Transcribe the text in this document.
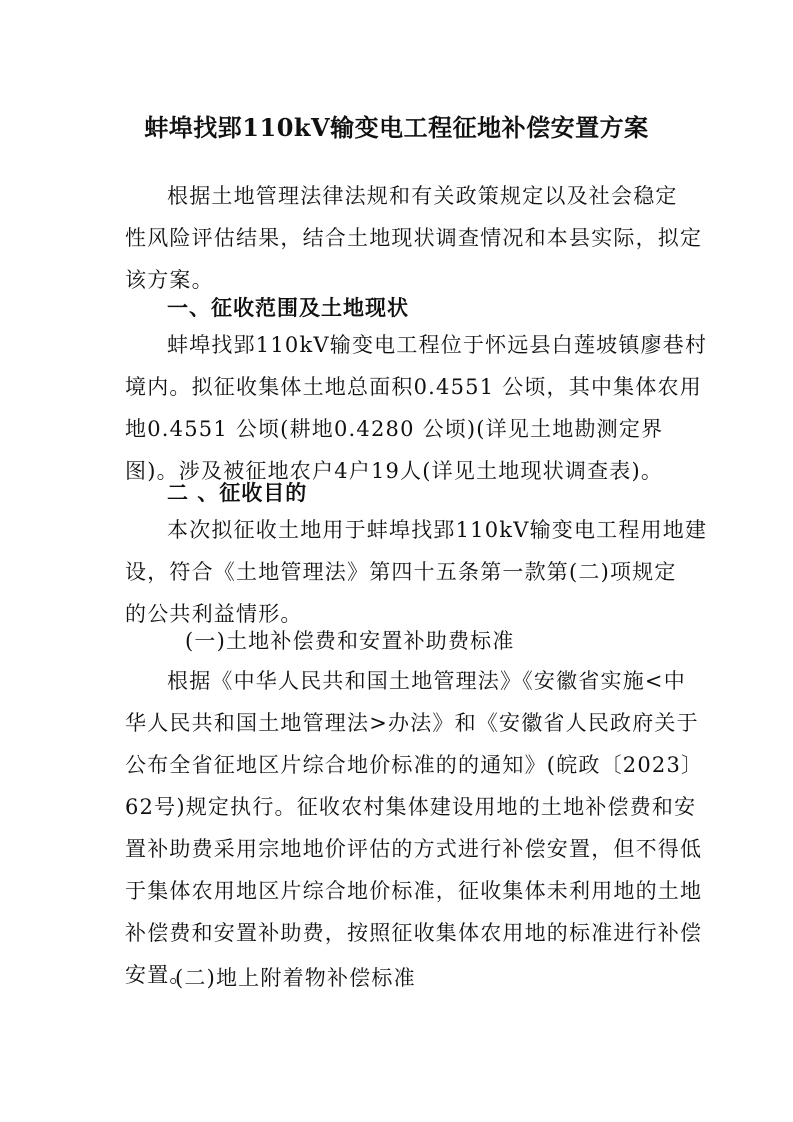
蚌埠找郢110kV输变电工程征地补偿安置方案
根据土地管理法律法规和有关政策规定以及社会稳定
性风险评估结果，结合土地现状调查情况和本县实际，拟定
该方案。
一、征收范围及土地现状
蚌埠找郢110kV输变电工程位于怀远县白莲坡镇廖巷村
境内。拟征收集体土地总面积0.4551 公顷，其中集体农用
地0.4551 公顷(耕地0.4280 公顷)(详见土地勘测定界
图)。涉及被征地农户4户19人(详见土地现状调查表)。
二 、征收目的
本次拟征收土地用于蚌埠找郢110kV输变电工程用地建
设，符合《土地管理法》第四十五条第一款第(二)项规定
的公共利益情形。
(一)土地补偿费和安置补助费标准
根据《中华人民共和国土地管理法》《安徽省实施<中
华人民共和国土地管理法>办法》和《安徽省人民政府关于
公布全省征地区片综合地价标准的的通知》(皖政〔2023〕
62号)规定执行。征收农村集体建设用地的土地补偿费和安
置补助费采用宗地地价评估的方式进行补偿安置，但不得低
于集体农用地区片综合地价标准，征收集体未利用地的土地
补偿费和安置补助费，按照征收集体农用地的标准进行补偿
安置。
(二)地上附着物补偿标准
